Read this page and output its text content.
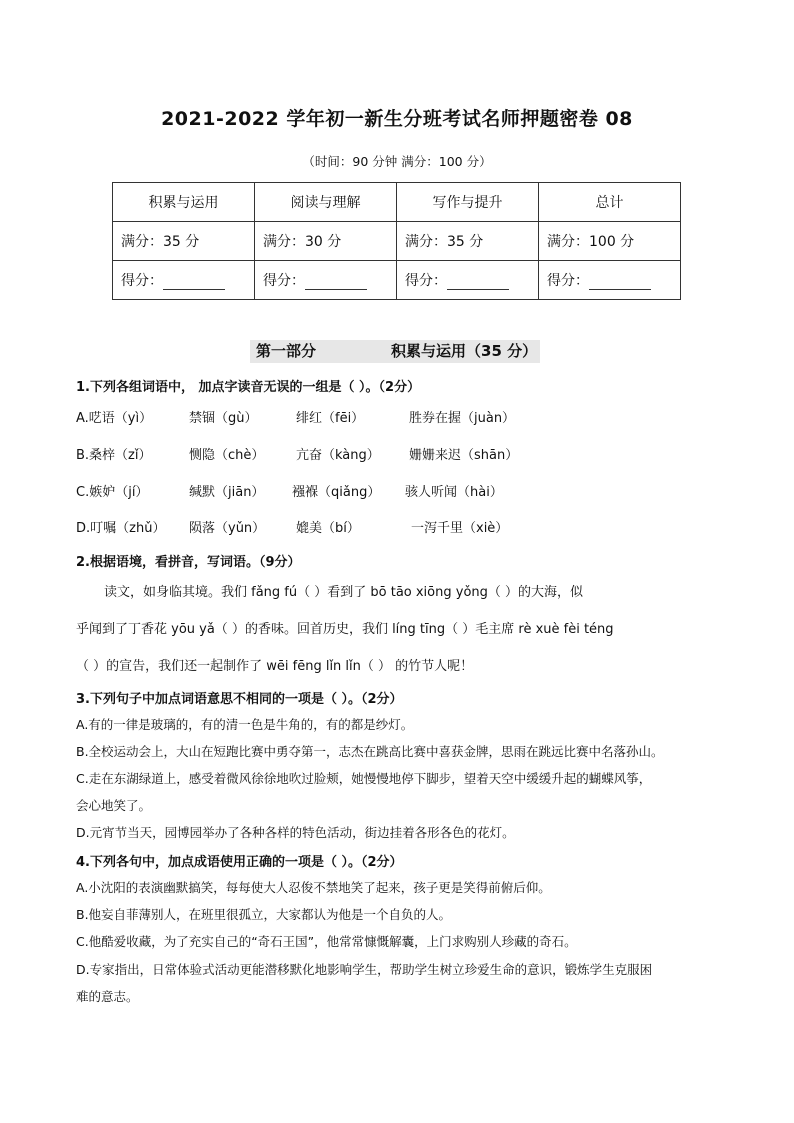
2021-2022 学年初一新生分班考试名师押题密卷 08
（时间：90 分钟 满分：100 分）
积累与运用	阅读与理解	写作与提升	总计
满分：35 分	满分：30 分	满分：35 分	满分：100 分
得分：	得分：	得分：	得分：
第一部分	积累与运用（35 分）
1.下列各组词语中， 加点字读音无误的一组是（ ）。（2分）
A.呓语（yì）	禁锢（gù）	绯红（fēi）	胜券在握（juàn）
B.桑梓（zǐ）	恻隐（chè） 亢奋（kàng） 姗姗来迟（shān）
C.嫉妒（jí）	缄默（jiān） 襁褓（qiǎng） 骇人听闻（hài）
D.叮嘱（zhǔ） 陨落（yǔn） 媲美（bí）	一泻千里（xiè）
2.根据语境，看拼音，写词语。（9分）
读文，如身临其境。我们 fǎng fú（ ）看到了 bō tāo xiōng yǒng（ ）的大海，似
乎闻到了丁香花 yōu yǎ（ ）的香味。回首历史，我们 líng tīng（ ）毛主席 rè xuè fèi téng
（ ）的宣告，我们还一起制作了 wēi fēng lǐn lǐn（ ） 的竹节人呢！
3.下列句子中加点词语意思不相同的一项是（ ）。（2分）
A.有的一律是玻璃的，有的清一色是牛角的，有的都是纱灯。
B.全校运动会上，大山在短跑比赛中勇夺第一，志杰在跳高比赛中喜获金牌，思雨在跳远比赛中名落孙山。
C.走在东湖绿道上，感受着微风徐徐地吹过脸颊，她慢慢地停下脚步，望着天空中缓缓升起的蝴蝶风筝，
会心地笑了。
D.元宵节当天，园博园举办了各种各样的特色活动，街边挂着各形各色的花灯。
4.下列各句中，加点成语使用正确的一项是（ ）。（2分）
A.小沈阳的表演幽默搞笑，每每使大人忍俊不禁地笑了起来，孩子更是笑得前俯后仰。
B.他妄自菲薄别人，在班里很孤立，大家都认为他是一个自负的人。
C.他酷爱收藏，为了充实自己的“奇石王国”，他常常慷慨解囊，上门求购别人珍藏的奇石。
D.专家指出，日常体验式活动更能潜移默化地影响学生，帮助学生树立珍爱生命的意识，锻炼学生克服困
难的意志。
